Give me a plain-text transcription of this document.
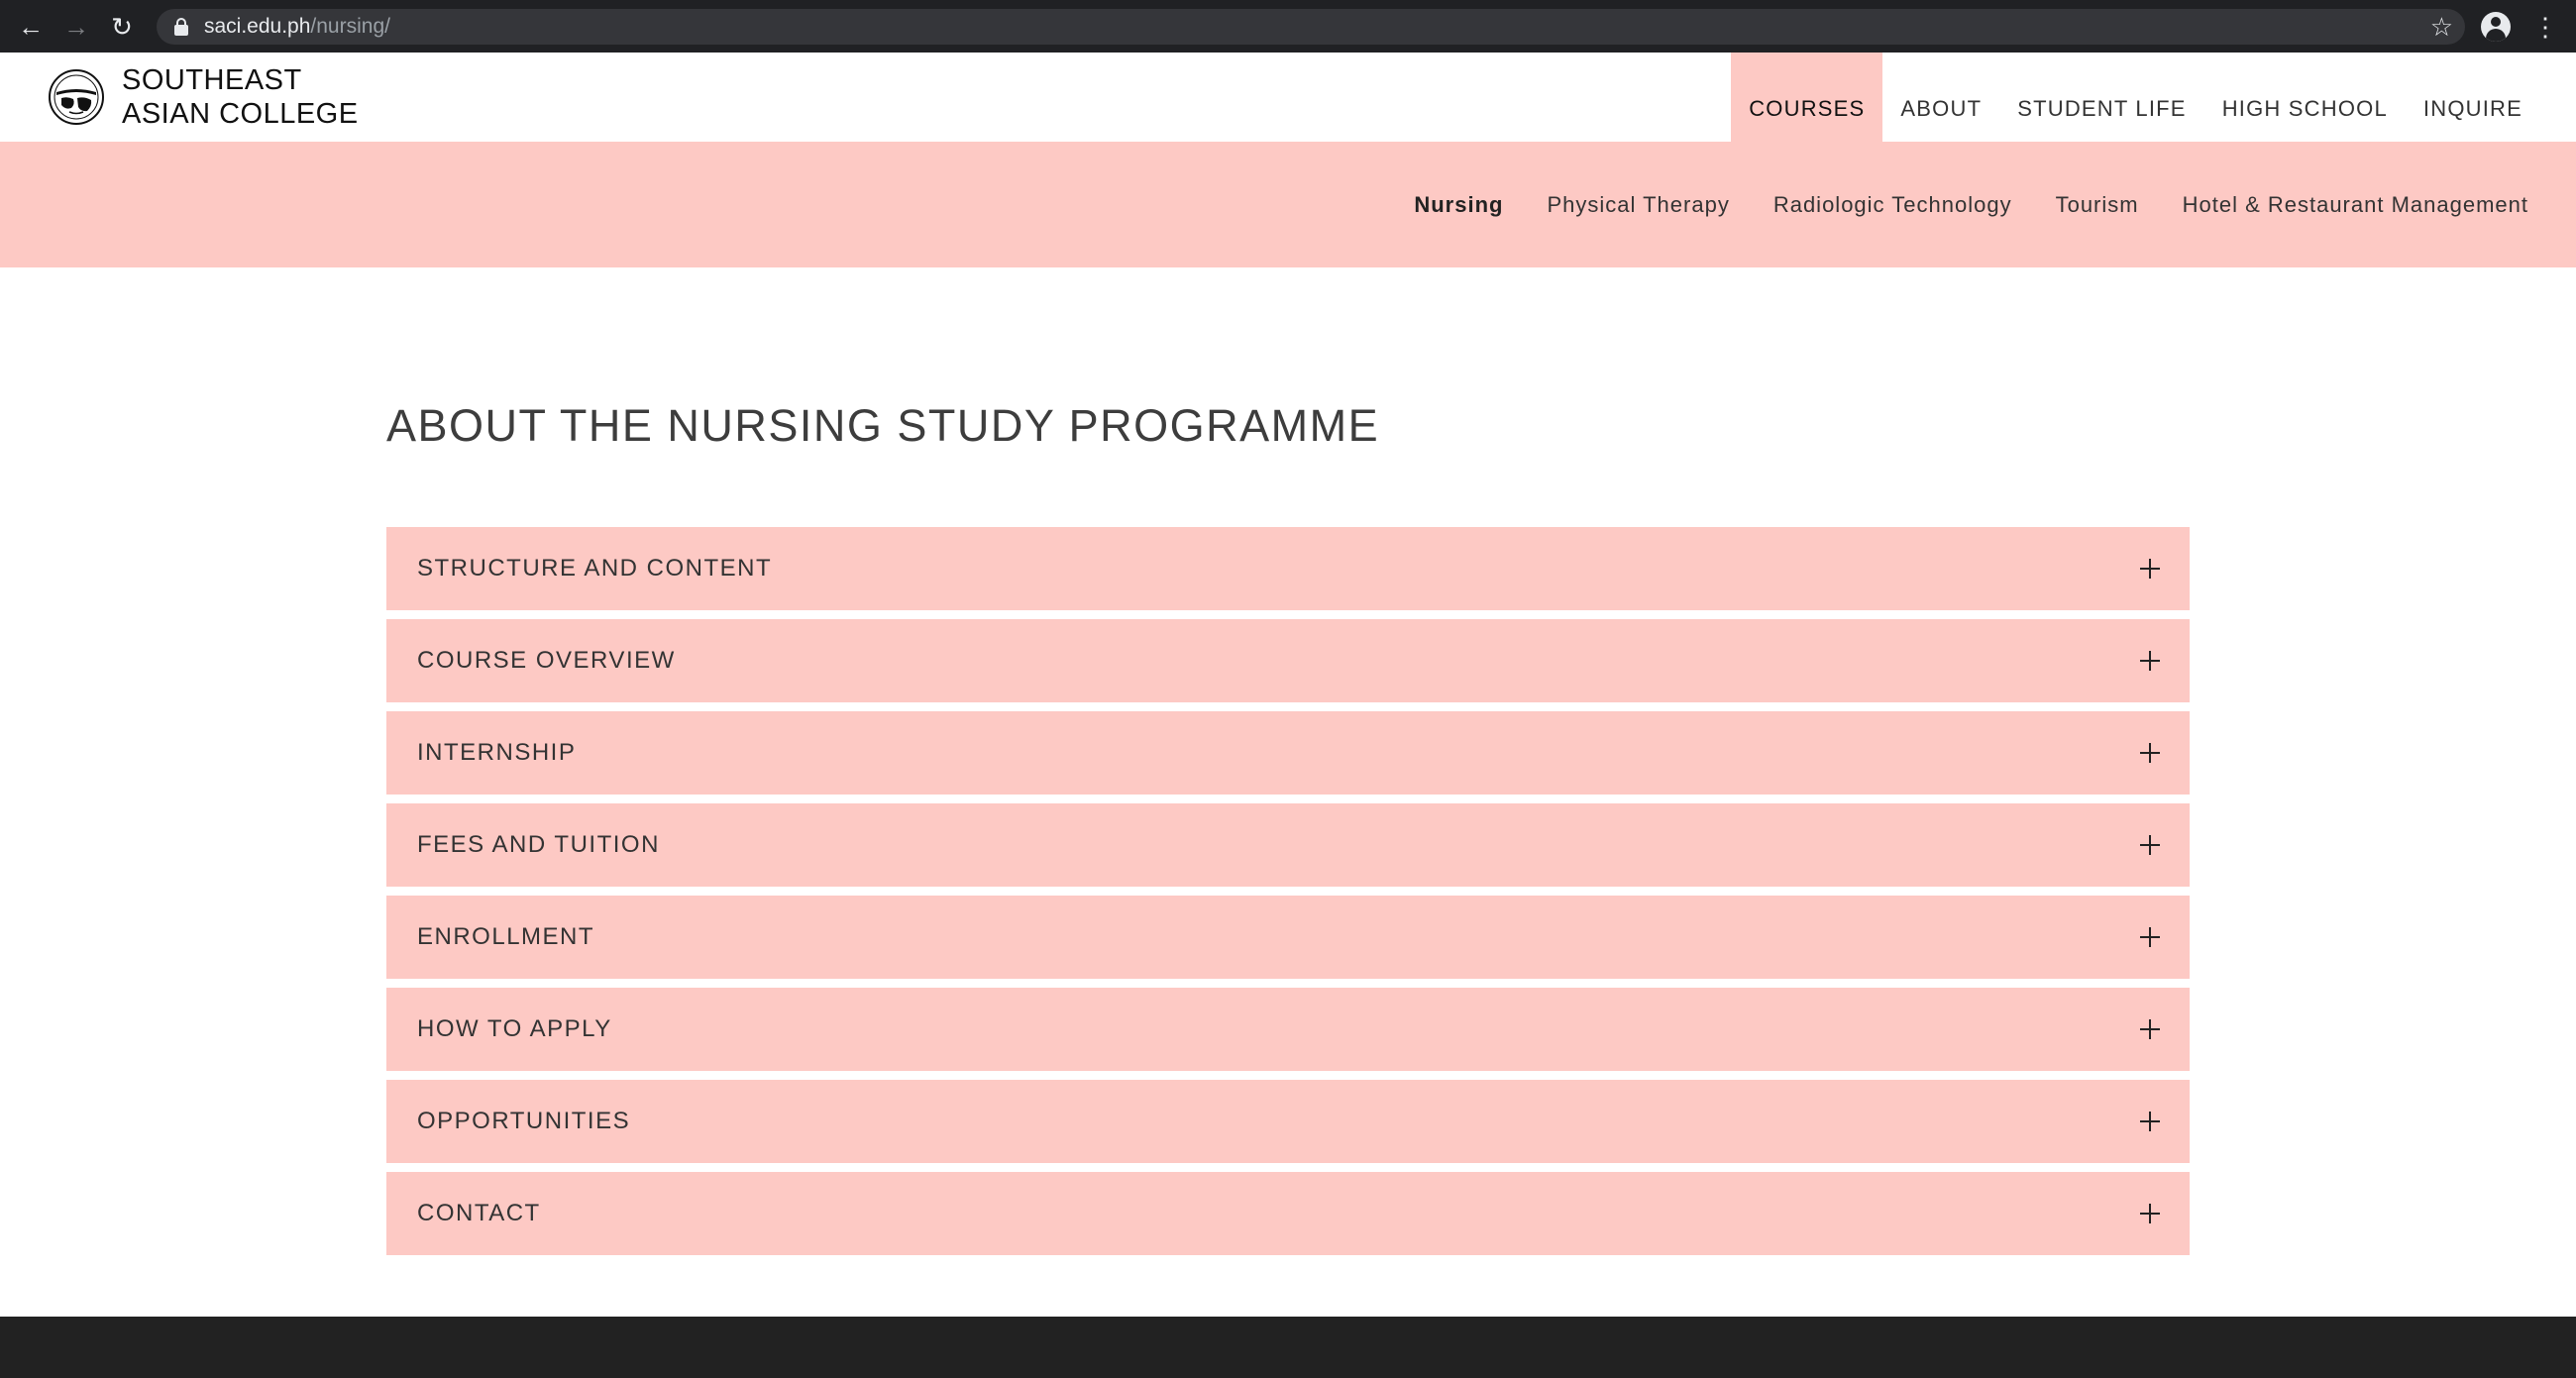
← → ↻	saci.edu.ph/nursing/	☆	⋮
SOUTHEAST
ASIAN COLLEGE	COURSES	ABOUT	STUDENT LIFE	HIGH SCHOOL	INQUIRE
Nursing Physical Therapy Radiologic Technology Tourism Hotel & Restaurant Management
ABOUT THE NURSING STUDY PROGRAMME
STRUCTURE AND CONTENT
COURSE OVERVIEW
INTERNSHIP
FEES AND TUITION
ENROLLMENT
HOW TO APPLY
OPPORTUNITIES
CONTACT
